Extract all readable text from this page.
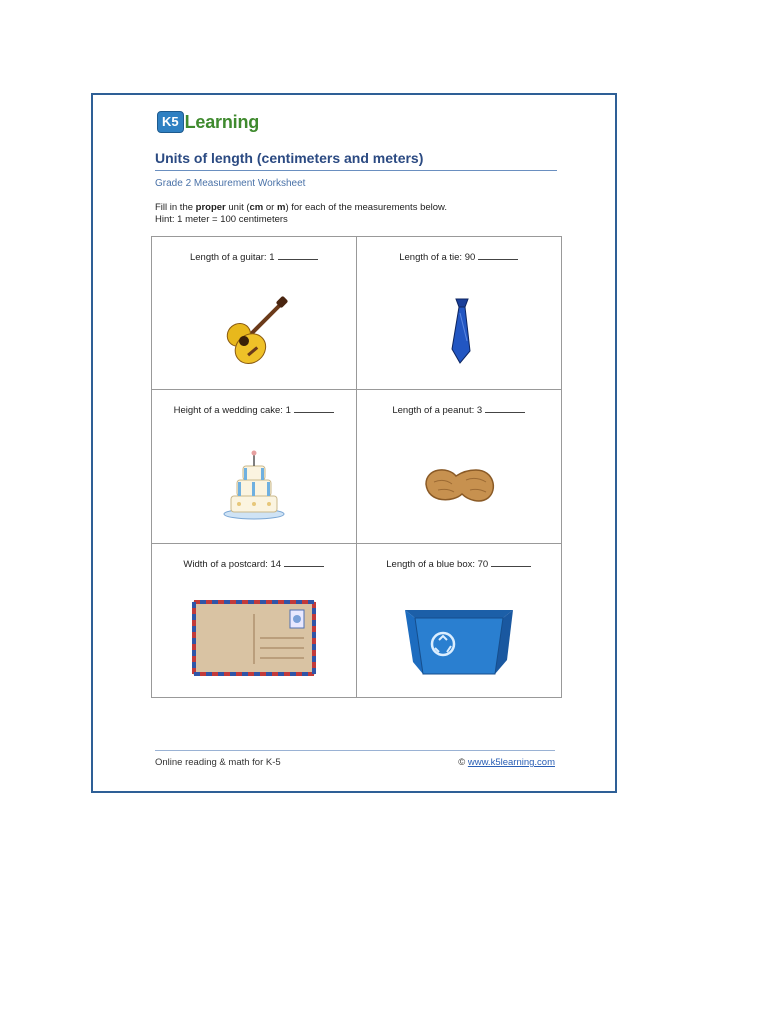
K5 Learning
Units of length (centimeters and meters)
Grade 2 Measurement Worksheet
Fill in the proper unit (cm or m) for each of the measurements below.
Hint: 1 meter = 100 centimeters
Length of a guitar: 1	Length of a tie: 90
Height of a wedding cake: 1	Length of a peanut: 3
Width of a postcard: 14	Length of a blue box: 70
Online reading & math for K-5	© www.k5learning.com
